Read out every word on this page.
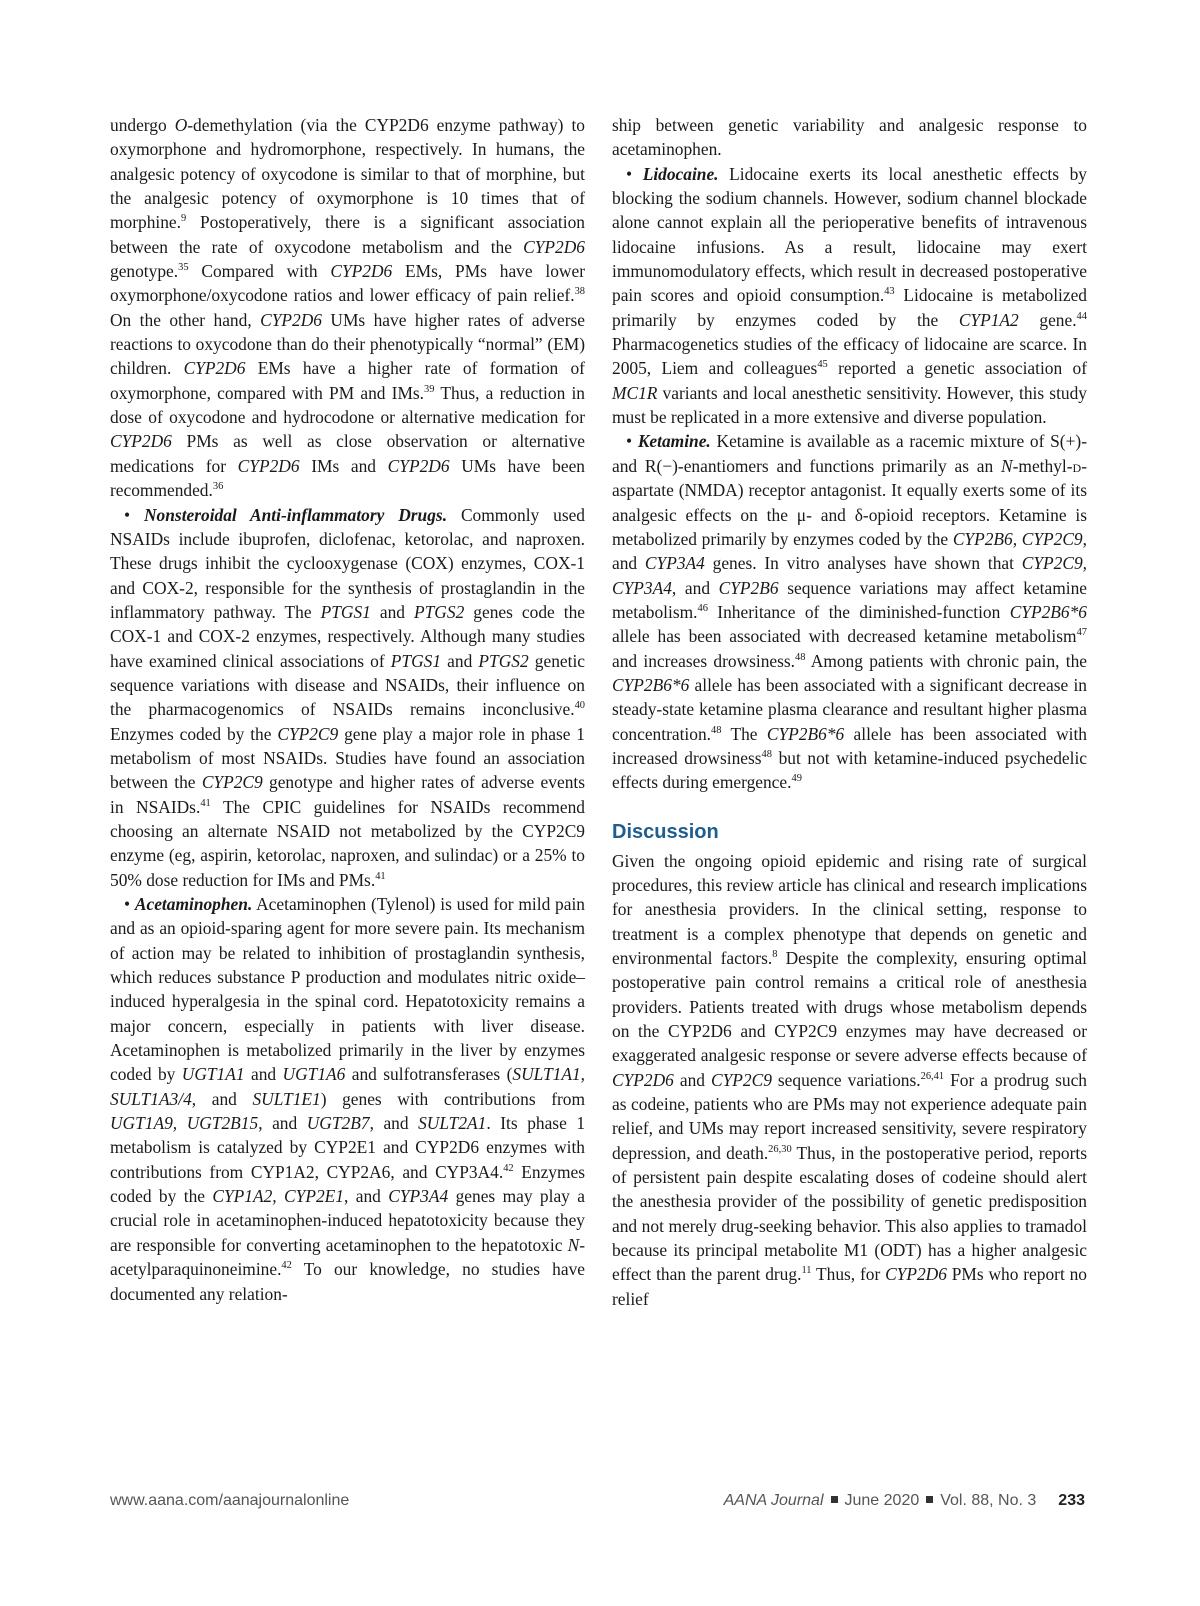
undergo O-demethylation (via the CYP2D6 enzyme pathway) to oxymorphone and hydromorphone, respectively. In humans, the analgesic potency of oxycodone is similar to that of morphine, but the analgesic potency of oxymorphone is 10 times that of morphine.$^9$ Postoperatively, there is a significant association between the rate of oxycodone metabolism and the CYP2D6 genotype.$^{35}$ Compared with CYP2D6 EMs, PMs have lower oxymorphone/oxycodone ratios and lower efficacy of pain relief.$^{38}$ On the other hand, CYP2D6 UMs have higher rates of adverse reactions to oxycodone than do their phenotypically “normal” (EM) children. CYP2D6 EMs have a higher rate of formation of oxymorphone, compared with PM and IMs.$^{39}$ Thus, a reduction in dose of oxycodone and hydrocodone or alternative medication for CYP2D6 PMs as well as close observation or alternative medications for CYP2D6 IMs and CYP2D6 UMs have been recommended.$^{36}$

• Nonsteroidal Anti-inflammatory Drugs. Commonly used NSAIDs include ibuprofen, diclofenac, ketorolac, and naproxen. These drugs inhibit the cyclooxygenase (COX) enzymes, COX-1 and COX-2, responsible for the synthesis of prostaglandin in the inflammatory pathway. The PTGS1 and PTGS2 genes code the COX-1 and COX-2 enzymes, respectively. Although many studies have examined clinical associations of PTGS1 and PTGS2 genetic sequence variations with disease and NSAIDs, their influence on the pharmacogenomics of NSAIDs remains inconclusive.$^{40}$ Enzymes coded by the CYP2C9 gene play a major role in phase 1 metabolism of most NSAIDs. Studies have found an association between the CYP2C9 genotype and higher rates of adverse events in NSAIDs.$^{41}$ The CPIC guidelines for NSAIDs recommend choosing an alternate NSAID not metabolized by the CYP2C9 enzyme (eg, aspirin, ketorolac, naproxen, and sulindac) or a 25% to 50% dose reduction for IMs and PMs.$^{41}$

• Acetaminophen. Acetaminophen (Tylenol) is used for mild pain and as an opioid-sparing agent for more severe pain. Its mechanism of action may be related to inhibition of prostaglandin synthesis, which reduces substance P production and modulates nitric oxide–induced hyperalgesia in the spinal cord. Hepatotoxicity remains a major concern, especially in patients with liver disease. Acetaminophen is metabolized primarily in the liver by enzymes coded by UGT1A1 and UGT1A6 and sulfotransferases (SULT1A1, SULT1A3/4, and SULT1E1) genes with contributions from UGT1A9, UGT2B15, and UGT2B7, and SULT2A1. Its phase 1 metabolism is catalyzed by CYP2E1 and CYP2D6 enzymes with contributions from CYP1A2, CYP2A6, and CYP3A4.42 Enzymes coded by the CYP1A2, CYP2E1, and CYP3A4 genes may play a crucial role in acetaminophen-induced hepatotoxicity because they are responsible for converting acetaminophen to the hepatotoxic N-acetylparaquinoneimine.$^{42}$ To our knowledge, no studies have documented any relation-

ship between genetic variability and analgesic response to acetaminophen.

• Lidocaine. Lidocaine exerts its local anesthetic effects by blocking the sodium channels. However, sodium channel blockade alone cannot explain all the perioperative benefits of intravenous lidocaine infusions. As a result, lidocaine may exert immunomodulatory effects, which result in decreased postoperative pain scores and opioid consumption.$^{43}$ Lidocaine is metabolized primarily by enzymes coded by the CYP1A2 gene.$^{44}$ Pharmacogenetics studies of the efficacy of lidocaine are scarce. In 2005, Liem and colleagues$^{45}$ reported a genetic association of MC1R variants and local anesthetic sensitivity. However, this study must be replicated in a more extensive and diverse population.

• Ketamine. Ketamine is available as a racemic mixture of S(+)- and R(−)-enantiomers and functions primarily as an N-methyl-d-aspartate (NMDA) receptor antagonist. It equally exerts some of its analgesic effects on the μ- and δ-opioid receptors. Ketamine is metabolized primarily by enzymes coded by the CYP2B6, CYP2C9, and CYP3A4 genes. In vitro analyses have shown that CYP2C9, CYP3A4, and CYP2B6 sequence variations may affect ketamine metabolism.$^{46}$ Inheritance of the diminished-function CYP2B6*6 allele has been associated with decreased ketamine metabolism$^{47}$ and increases drowsiness.$^{48}$ Among patients with chronic pain, the CYP2B6*6 allele has been associated with a significant decrease in steady-state ketamine plasma clearance and resultant higher plasma concentration.$^{48}$ The CYP2B6*6 allele has been associated with increased drowsiness$^{48}$ but not with ketamine-induced psychedelic effects during emergence.$^{49}$

Discussion

Given the ongoing opioid epidemic and rising rate of surgical procedures, this review article has clinical and research implications for anesthesia providers. In the clinical setting, response to treatment is a complex phenotype that depends on genetic and environmental factors.$^8$ Despite the complexity, ensuring optimal postoperative pain control remains a critical role of anesthesia providers. Patients treated with drugs whose metabolism depends on the CYP2D6 and CYP2C9 enzymes may have decreased or exaggerated analgesic response or severe adverse effects because of CYP2D6 and CYP2C9 sequence variations.$^{26,41}$ For a prodrug such as codeine, patients who are PMs may not experience adequate pain relief, and UMs may report increased sensitivity, severe respiratory depression, and death.$^{26,30}$ Thus, in the postoperative period, reports of persistent pain despite escalating doses of codeine should alert the anesthesia provider of the possibility of genetic predisposition and not merely drug-seeking behavior. This also applies to tramadol because its principal metabolite M1 (ODT) has a higher analgesic effect than the parent drug.$^{11}$ Thus, for CYP2D6 PMs who report no relief

www.aana.com/aanajournalonline	AANA Journal June 2020 Vol. 88, No. 3 233
